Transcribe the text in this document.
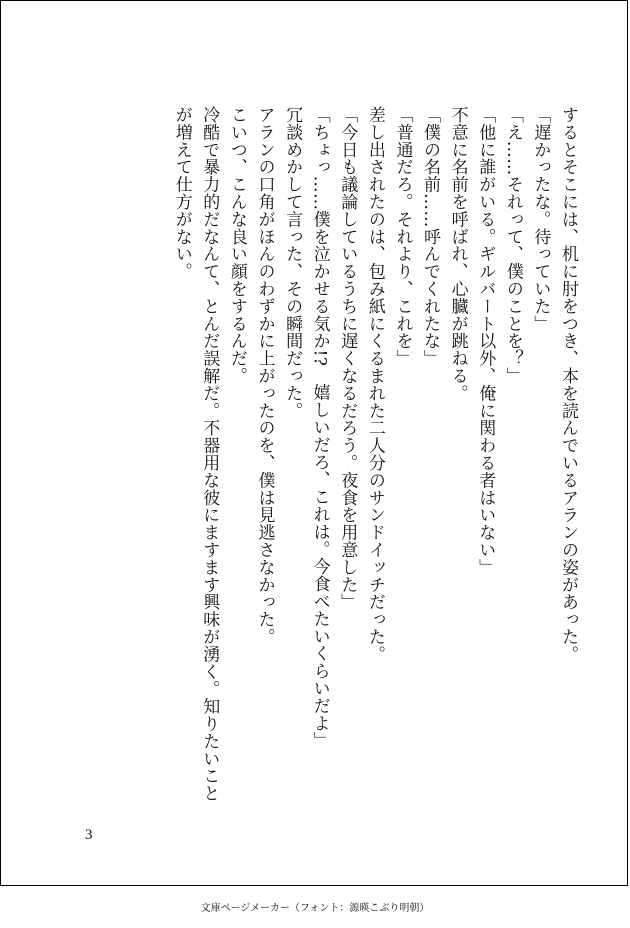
するとそこには、机に肘をつき、本を読んでいるアランの姿があった。

「遅かったな。待っていた」

「え……それって、僕のことを？」

「他に誰がいる。ギルバート以外、俺に関わる者はいない」

不意に名前を呼ばれ、心臓が跳ねる。

「僕の名前……呼んでくれたな」

「普通だろ。それより、これを」

差し出されたのは、包み紙にくるまれた二人分のサンドイッチだった。

「今日も議論しているうちに遅くなるだろう。夜食を用意した」

「ちょっ……僕を泣かせる気か!?　嬉しいだろ、これは。今食べたいくらいだよ」

冗談めかして言った、その瞬間だった。

アランの口角がほんのわずかに上がったのを、僕は見逃さなかった。

こいつ、こんな良い顔をするんだ。

冷酷で暴力的だなんて、とんだ誤解だ。不器用な彼にますます興味が湧く。知りたいことが増えて仕方がない。

3
文庫ページメーカー（フォント：源暎こぶり明朝）
